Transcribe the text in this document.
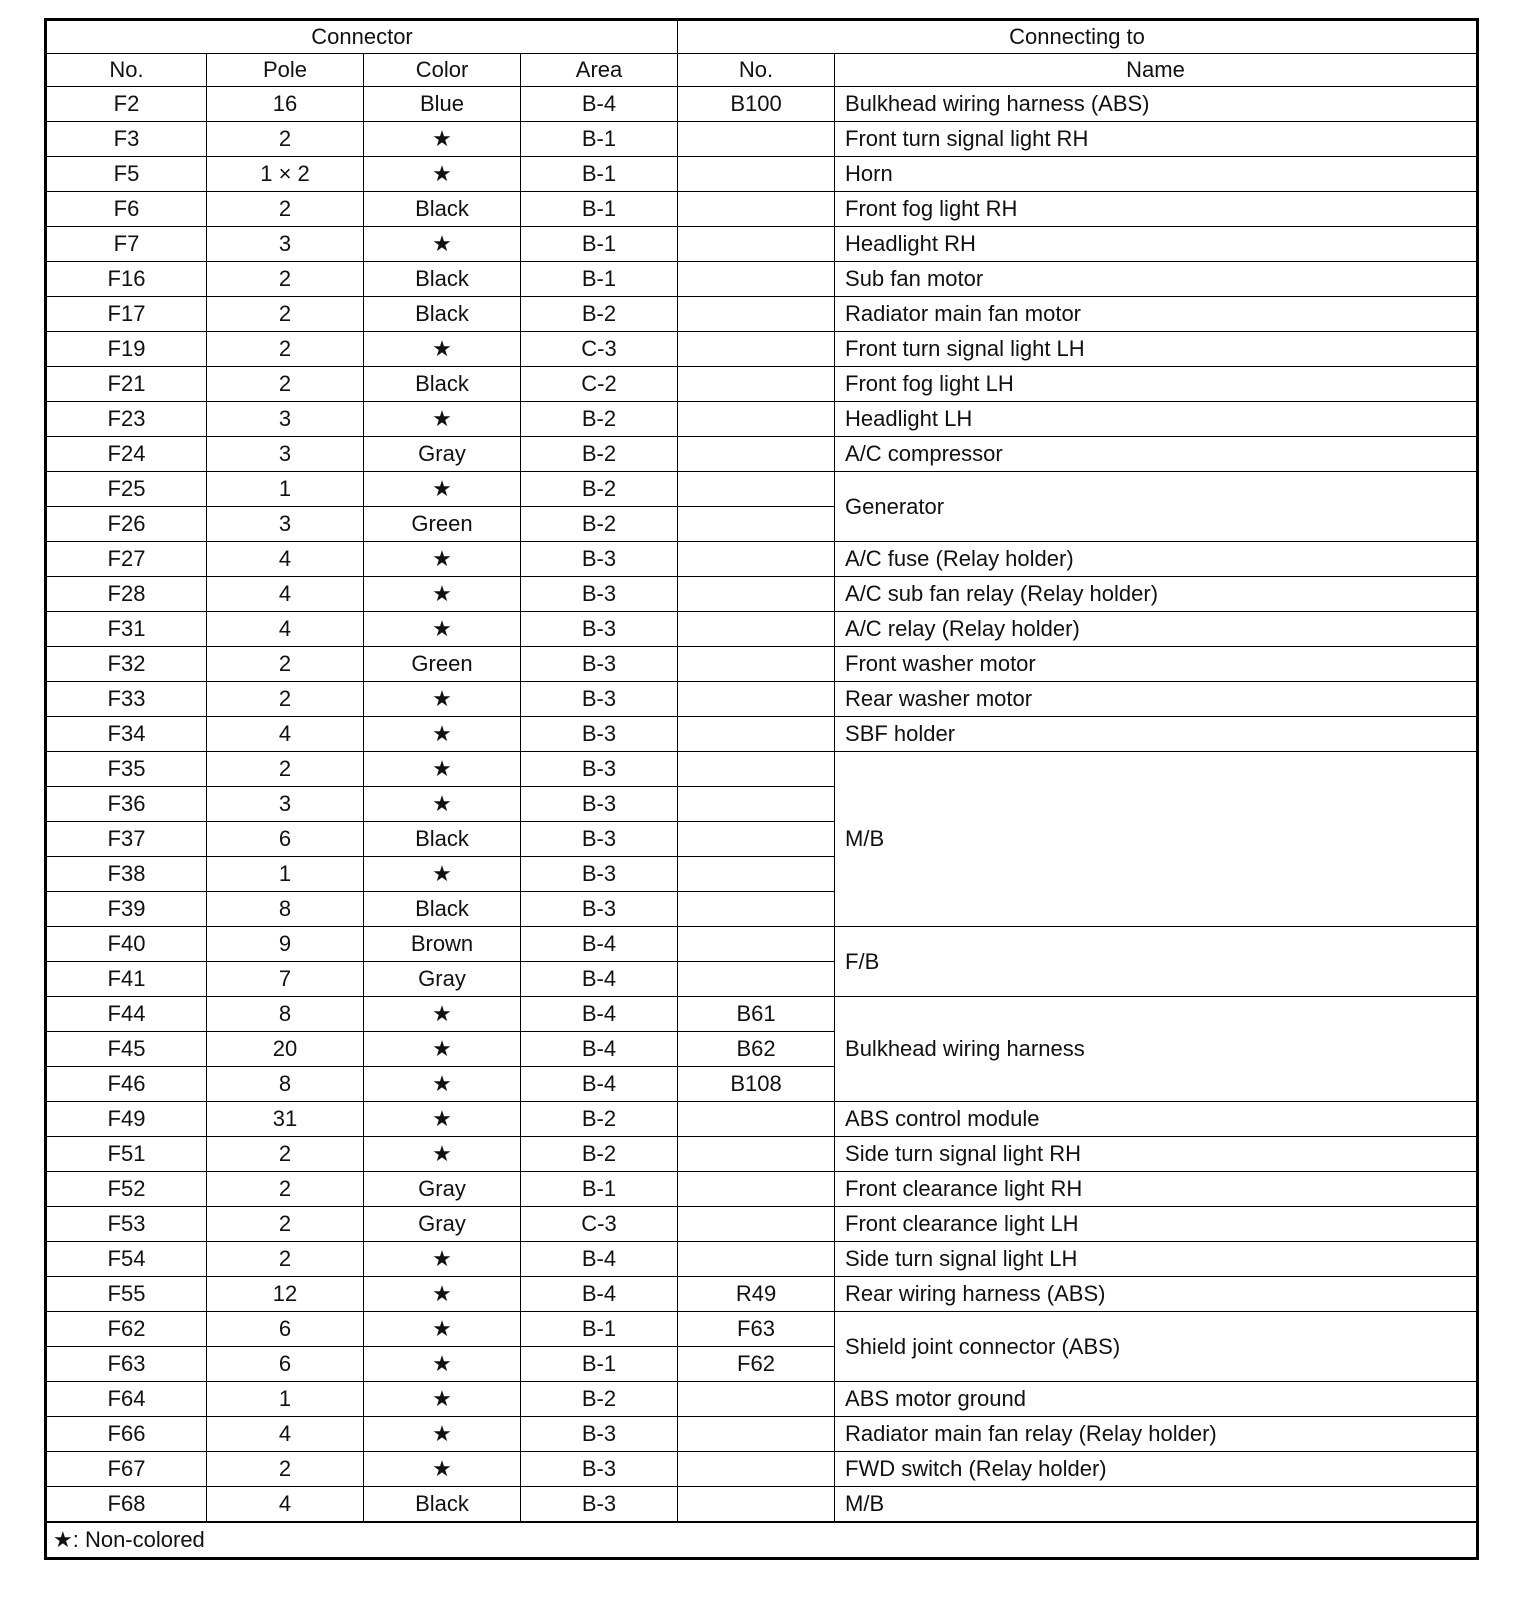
Connector				Connecting to	
No.	Pole	Color	Area	No.	Name
F2	16	Blue	B-4	B100	Bulkhead wiring harness (ABS)
F3	2	★	B-1		Front turn signal light RH
F5	1 × 2	★	B-1		Horn
F6	2	Black	B-1		Front fog light RH
F7	3	★	B-1		Headlight RH
F16	2	Black	B-1		Sub fan motor
F17	2	Black	B-2		Radiator main fan motor
F19	2	★	C-3		Front turn signal light LH
F21	2	Black	C-2		Front fog light LH
F23	3	★	B-2		Headlight LH
F24	3	Gray	B-2		A/C compressor
F25	1	★	B-2		Generator
F26	3	Green	B-2		
F27	4	★	B-3		A/C fuse (Relay holder)
F28	4	★	B-3		A/C sub fan relay (Relay holder)
F31	4	★	B-3		A/C relay (Relay holder)
F32	2	Green	B-3		Front washer motor
F33	2	★	B-3		Rear washer motor
F34	4	★	B-3		SBF holder
F35	2	★	B-3		M/B
F36	3	★	B-3		
F37	6	Black	B-3		
F38	1	★	B-3		
F39	8	Black	B-3		
F40	9	Brown	B-4		F/B
F41	7	Gray	B-4		
F44	8	★	B-4	B61	Bulkhead wiring harness
F45	20	★	B-4	B62	
F46	8	★	B-4	B108	
F49	31	★	B-2		ABS control module
F51	2	★	B-2		Side turn signal light RH
F52	2	Gray	B-1		Front clearance light RH
F53	2	Gray	C-3		Front clearance light LH
F54	2	★	B-4		Side turn signal light LH
F55	12	★	B-4	R49	Rear wiring harness (ABS)
F62	6	★	B-1	F63	Shield joint connector (ABS)
F63	6	★	B-1	F62	
F64	1	★	B-2		ABS motor ground
F66	4	★	B-3		Radiator main fan relay (Relay holder)
F67	2	★	B-3		FWD switch (Relay holder)
F68	4	Black	B-3		M/B
★: Non-colored					
